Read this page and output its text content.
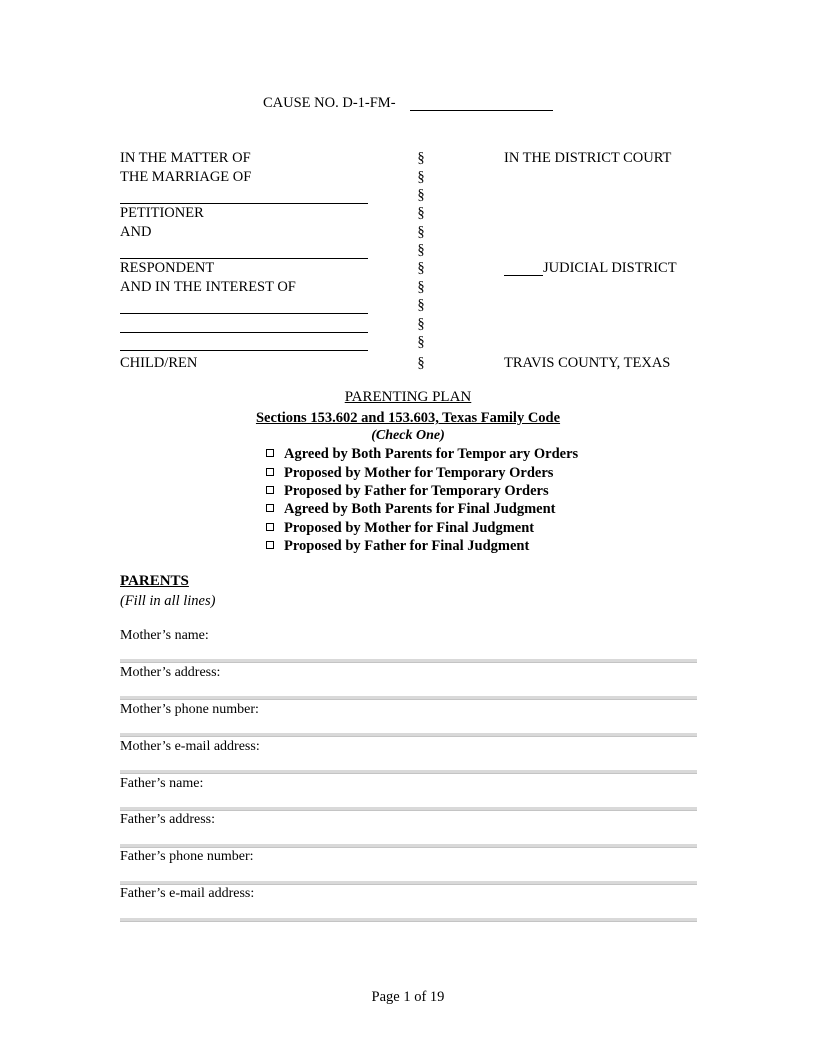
CAUSE NO. D-1-FM-
IN THE MATTER OF
THE MARRIAGE OF
PETITIONER
AND
RESPONDENT
AND IN THE INTEREST OF
CHILD/REN
§
§
§
§
§
§
§
§
§
§
§
§
IN THE DISTRICT COURT
JUDICIAL DISTRICT
TRAVIS COUNTY, TEXAS
PARENTING PLAN
Sections 153.602 and 153.603, Texas Family Code
(Check One)
Agreed by Both Parents for Tempor ary Orders
Proposed by Mother for Temporary Orders
Proposed by Father for Temporary Orders
Agreed by Both Parents for Final Judgment
Proposed by Mother for Final Judgment
Proposed by Father for Final Judgment
PARENTS
(Fill in all lines)
Mother’s name:
Mother’s address:
Mother’s phone number:
Mother’s e-mail address:
Father’s name:
Father’s address:
Father’s phone number:
Father’s e-mail address:
Page 1 of 19
